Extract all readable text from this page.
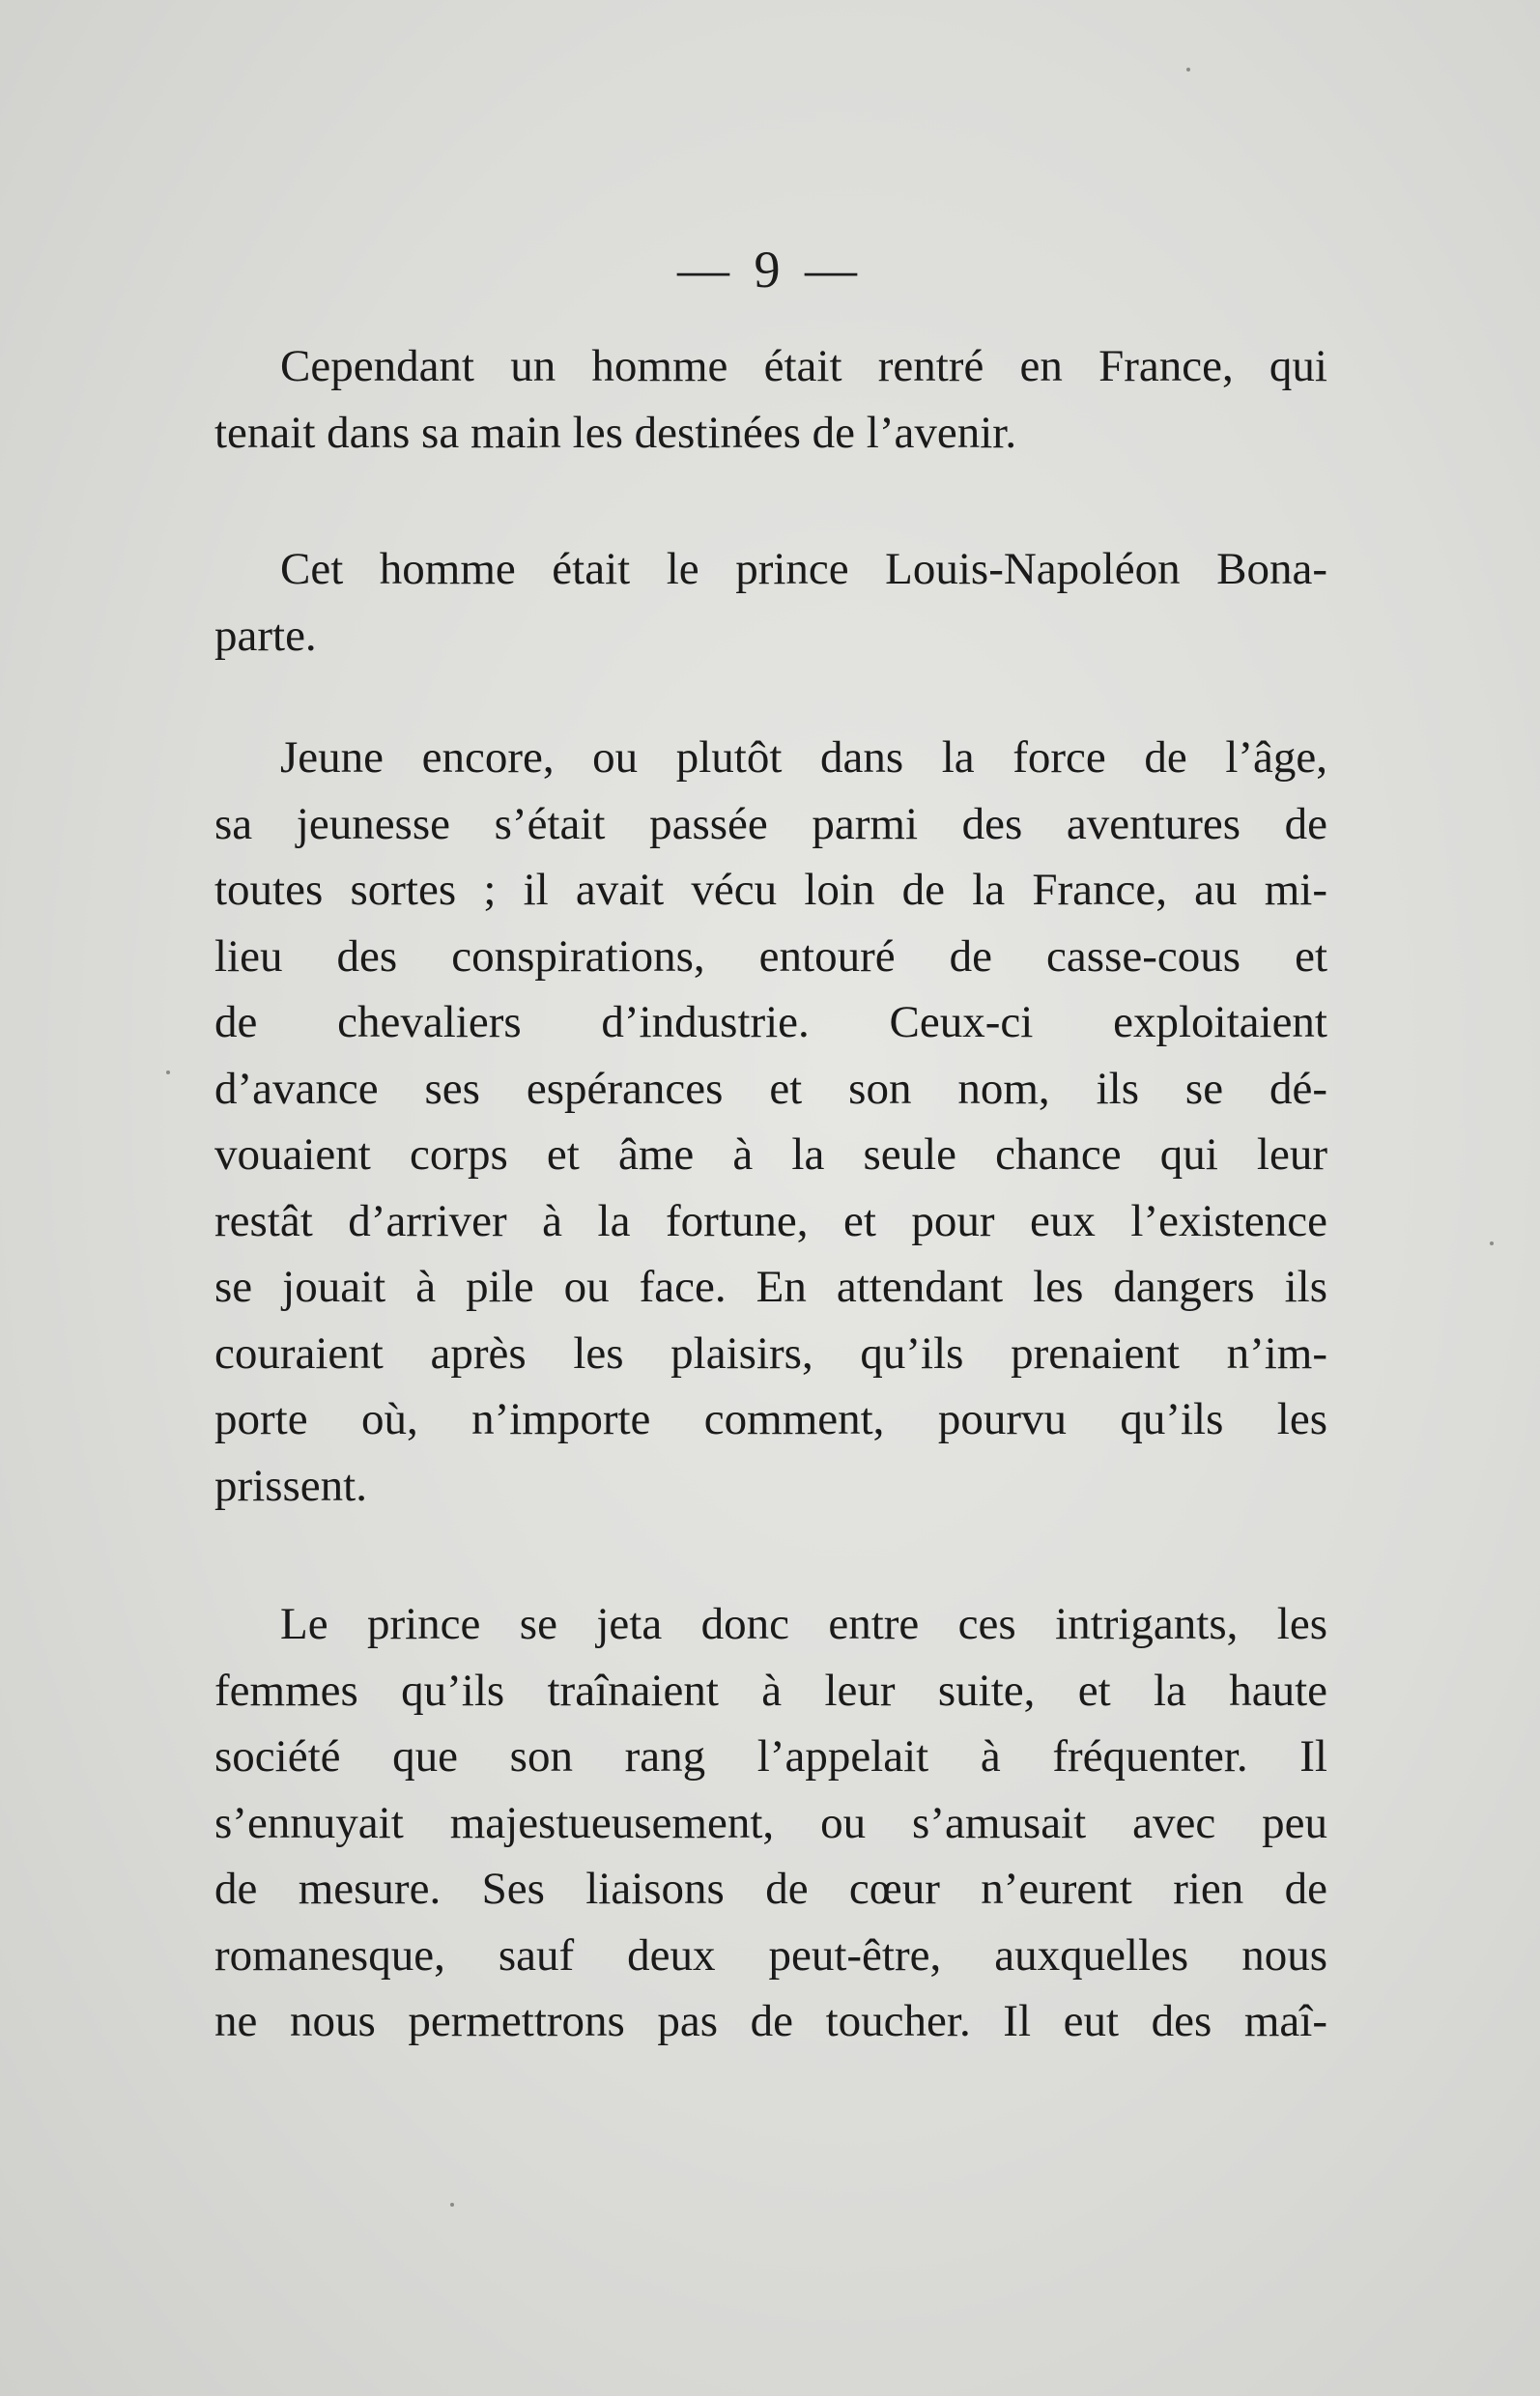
— 9 —
Cependant un homme était rentré en France, qui
tenait dans sa main les destinées de l’avenir.
Cet homme était le prince Louis-Napoléon Bona-
parte.
Jeune encore, ou plutôt dans la force de l’âge,
sa jeunesse s’était passée parmi des aventures de
toutes sortes ; il avait vécu loin de la France, au mi-
lieu des conspirations, entouré de casse-cous et
de chevaliers d’industrie. Ceux-ci exploitaient
d’avance ses espérances et son nom, ils se dé-
vouaient corps et âme à la seule chance qui leur
restât d’arriver à la fortune, et pour eux l’existence
se jouait à pile ou face. En attendant les dangers ils
couraient après les plaisirs, qu’ils prenaient n’im-
porte où, n’importe comment, pourvu qu’ils les
prissent.
Le prince se jeta donc entre ces intrigants, les
femmes qu’ils traînaient à leur suite, et la haute
société que son rang l’appelait à fréquenter. Il
s’ennuyait majestueusement, ou s’amusait avec peu
de mesure. Ses liaisons de cœur n’eurent rien de
romanesque, sauf deux peut-être, auxquelles nous
ne nous permettrons pas de toucher. Il eut des maî-
